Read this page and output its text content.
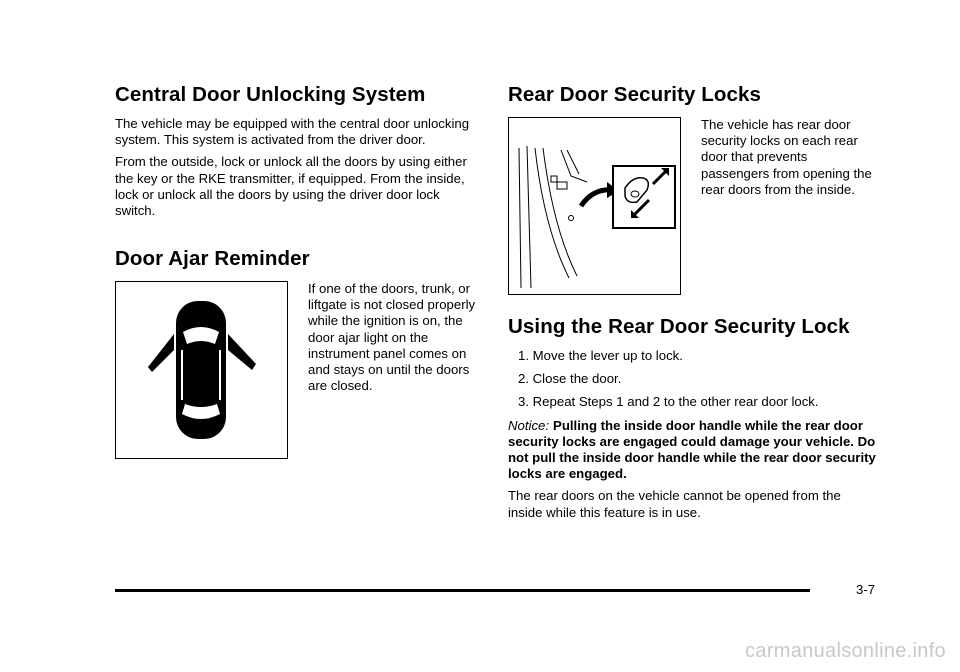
Central Door Unlocking System

The vehicle may be equipped with the central door unlocking system. This system is activated from the driver door.

From the outside, lock or unlock all the doors by using either the key or the RKE transmitter, if equipped. From the inside, lock or unlock all the doors by using the driver door lock switch.

Door Ajar Reminder

If one of the doors, trunk, or liftgate is not closed properly while the ignition is on, the door ajar light on the instrument panel comes on and stays on until the doors are closed.

Rear Door Security Locks

The vehicle has rear door security locks on each rear door that prevents passengers from opening the rear doors from the inside.

Using the Rear Door Security Lock
1. Move the lever up to lock.
2. Close the door.
3. Repeat Steps 1 and 2 to the other rear door lock.

Notice: Pulling the inside door handle while the rear door security locks are engaged could damage your vehicle. Do not pull the inside door handle while the rear door security locks are engaged.

The rear doors on the vehicle cannot be opened from the inside while this feature is in use.

3-7
carmanualsonline.info
